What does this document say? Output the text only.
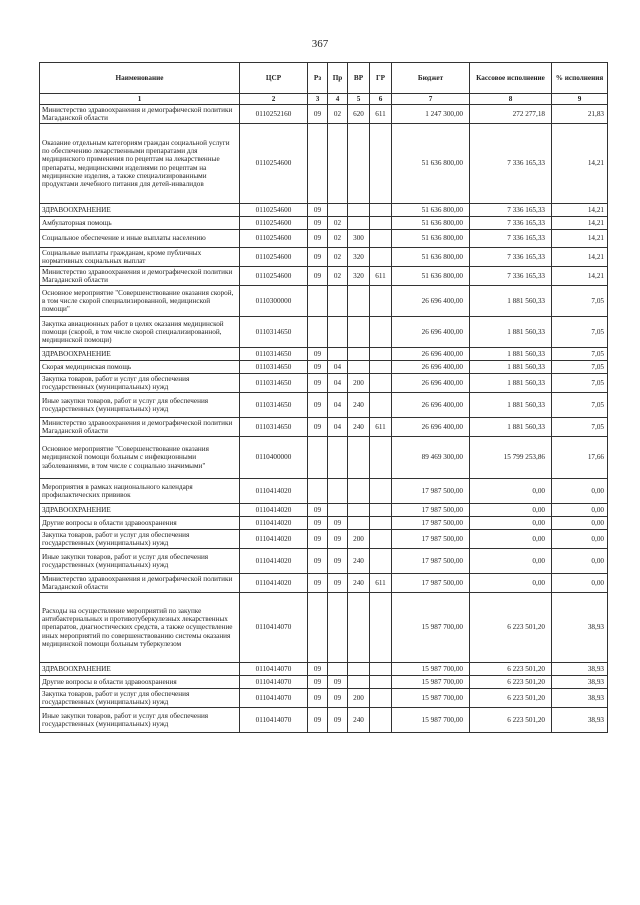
367
Наименование	ЦСР	Рз	Пр	ВР	ГР	Бюджет	Кассовое исполнение	% исполнения
1	2	3	4	5	6	7	8	9
Министерство здравоохранения и демографической политики Магаданской области	0110252160	09	02	620	611	1 247 300,00	272 277,18	21,83
Оказание отдельным категориям граждан социальной услуги по обеспечению лекарственными препаратами для медицинского применения по рецептам на лекарственные препараты, медицинскими изделиями по рецептам на медицинские изделия, а также специализированными продуктами лечебного питания для детей-инвалидов	0110254600					51 636 800,00	7 336 165,33	14,21
ЗДРАВООХРАНЕНИЕ	0110254600	09				51 636 800,00	7 336 165,33	14,21
Амбулаторная помощь	0110254600	09	02			51 636 800,00	7 336 165,33	14,21
Социальное обеспечение и иные выплаты населению	0110254600	09	02	300		51 636 800,00	7 336 165,33	14,21
Социальные выплаты гражданам, кроме публичных нормативных социальных выплат	0110254600	09	02	320		51 636 800,00	7 336 165,33	14,21
Министерство здравоохранения и демографической политики Магаданской области	0110254600	09	02	320	611	51 636 800,00	7 336 165,33	14,21
Основное мероприятие "Совершенствование оказания скорой, в том числе скорой специализированной, медицинской помощи"	0110300000					26 696 400,00	1 881 560,33	7,05
Закупка авиационных работ в целях оказания медицинской помощи (скорой, в том числе скорой специализированной, медицинской помощи)	0110314650					26 696 400,00	1 881 560,33	7,05
ЗДРАВООХРАНЕНИЕ	0110314650	09				26 696 400,00	1 881 560,33	7,05
Скорая медицинская помощь	0110314650	09	04			26 696 400,00	1 881 560,33	7,05
Закупка товаров, работ и услуг для обеспечения государственных (муниципальных) нужд	0110314650	09	04	200		26 696 400,00	1 881 560,33	7,05
Иные закупки товаров, работ и услуг для обеспечения государственных (муниципальных) нужд	0110314650	09	04	240		26 696 400,00	1 881 560,33	7,05
Министерство здравоохранения и демографической политики Магаданской области	0110314650	09	04	240	611	26 696 400,00	1 881 560,33	7,05
Основное мероприятие "Совершенствование оказания медицинской помощи больным с инфекционными заболеваниями, в том числе с социально значимыми"	0110400000					89 469 300,00	15 799 253,86	17,66
Мероприятия в рамках национального календаря профилактических прививок	0110414020					17 987 500,00	0,00	0,00
ЗДРАВООХРАНЕНИЕ	0110414020	09				17 987 500,00	0,00	0,00
Другие вопросы в области здравоохранения	0110414020	09	09			17 987 500,00	0,00	0,00
Закупка товаров, работ и услуг для обеспечения государственных (муниципальных) нужд	0110414020	09	09	200		17 987 500,00	0,00	0,00
Иные закупки товаров, работ и услуг для обеспечения государственных (муниципальных) нужд	0110414020	09	09	240		17 987 500,00	0,00	0,00
Министерство здравоохранения и демографической политики Магаданской области	0110414020	09	09	240	611	17 987 500,00	0,00	0,00
Расходы на осуществление мероприятий по закупке антибактериальных и противотуберкулезных лекарственных препаратов, диагностических средств, а также осуществление иных мероприятий по совершенствованию системы оказания медицинской помощи больным туберкулезом	0110414070					15 987 700,00	6 223 501,20	38,93
ЗДРАВООХРАНЕНИЕ	0110414070	09				15 987 700,00	6 223 501,20	38,93
Другие вопросы в области здравоохранения	0110414070	09	09			15 987 700,00	6 223 501,20	38,93
Закупка товаров, работ и услуг для обеспечения государственных (муниципальных) нужд	0110414070	09	09	200		15 987 700,00	6 223 501,20	38,93
Иные закупки товаров, работ и услуг для обеспечения государственных (муниципальных) нужд	0110414070	09	09	240		15 987 700,00	6 223 501,20	38,93
